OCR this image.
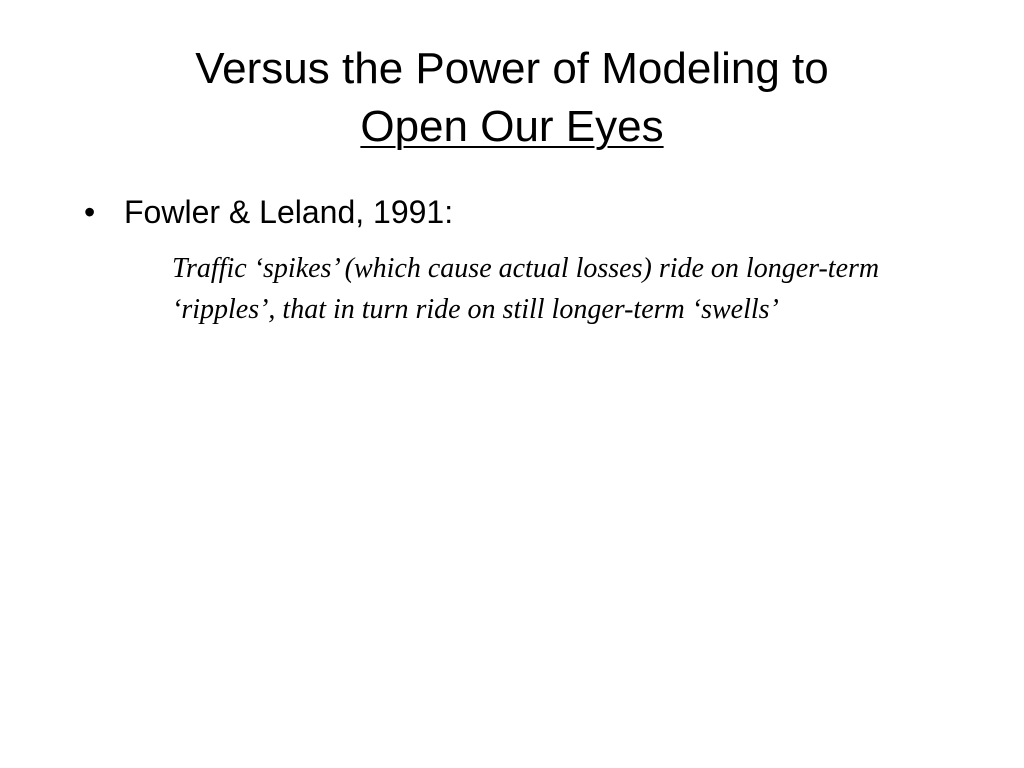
Versus the Power of Modeling to
Open Our Eyes
• Fowler & Leland, 1991:

Traffic ‘spikes’ (which cause actual losses) ride on longer-term ‘ripples’, that in turn ride on still longer-term ‘swells’
